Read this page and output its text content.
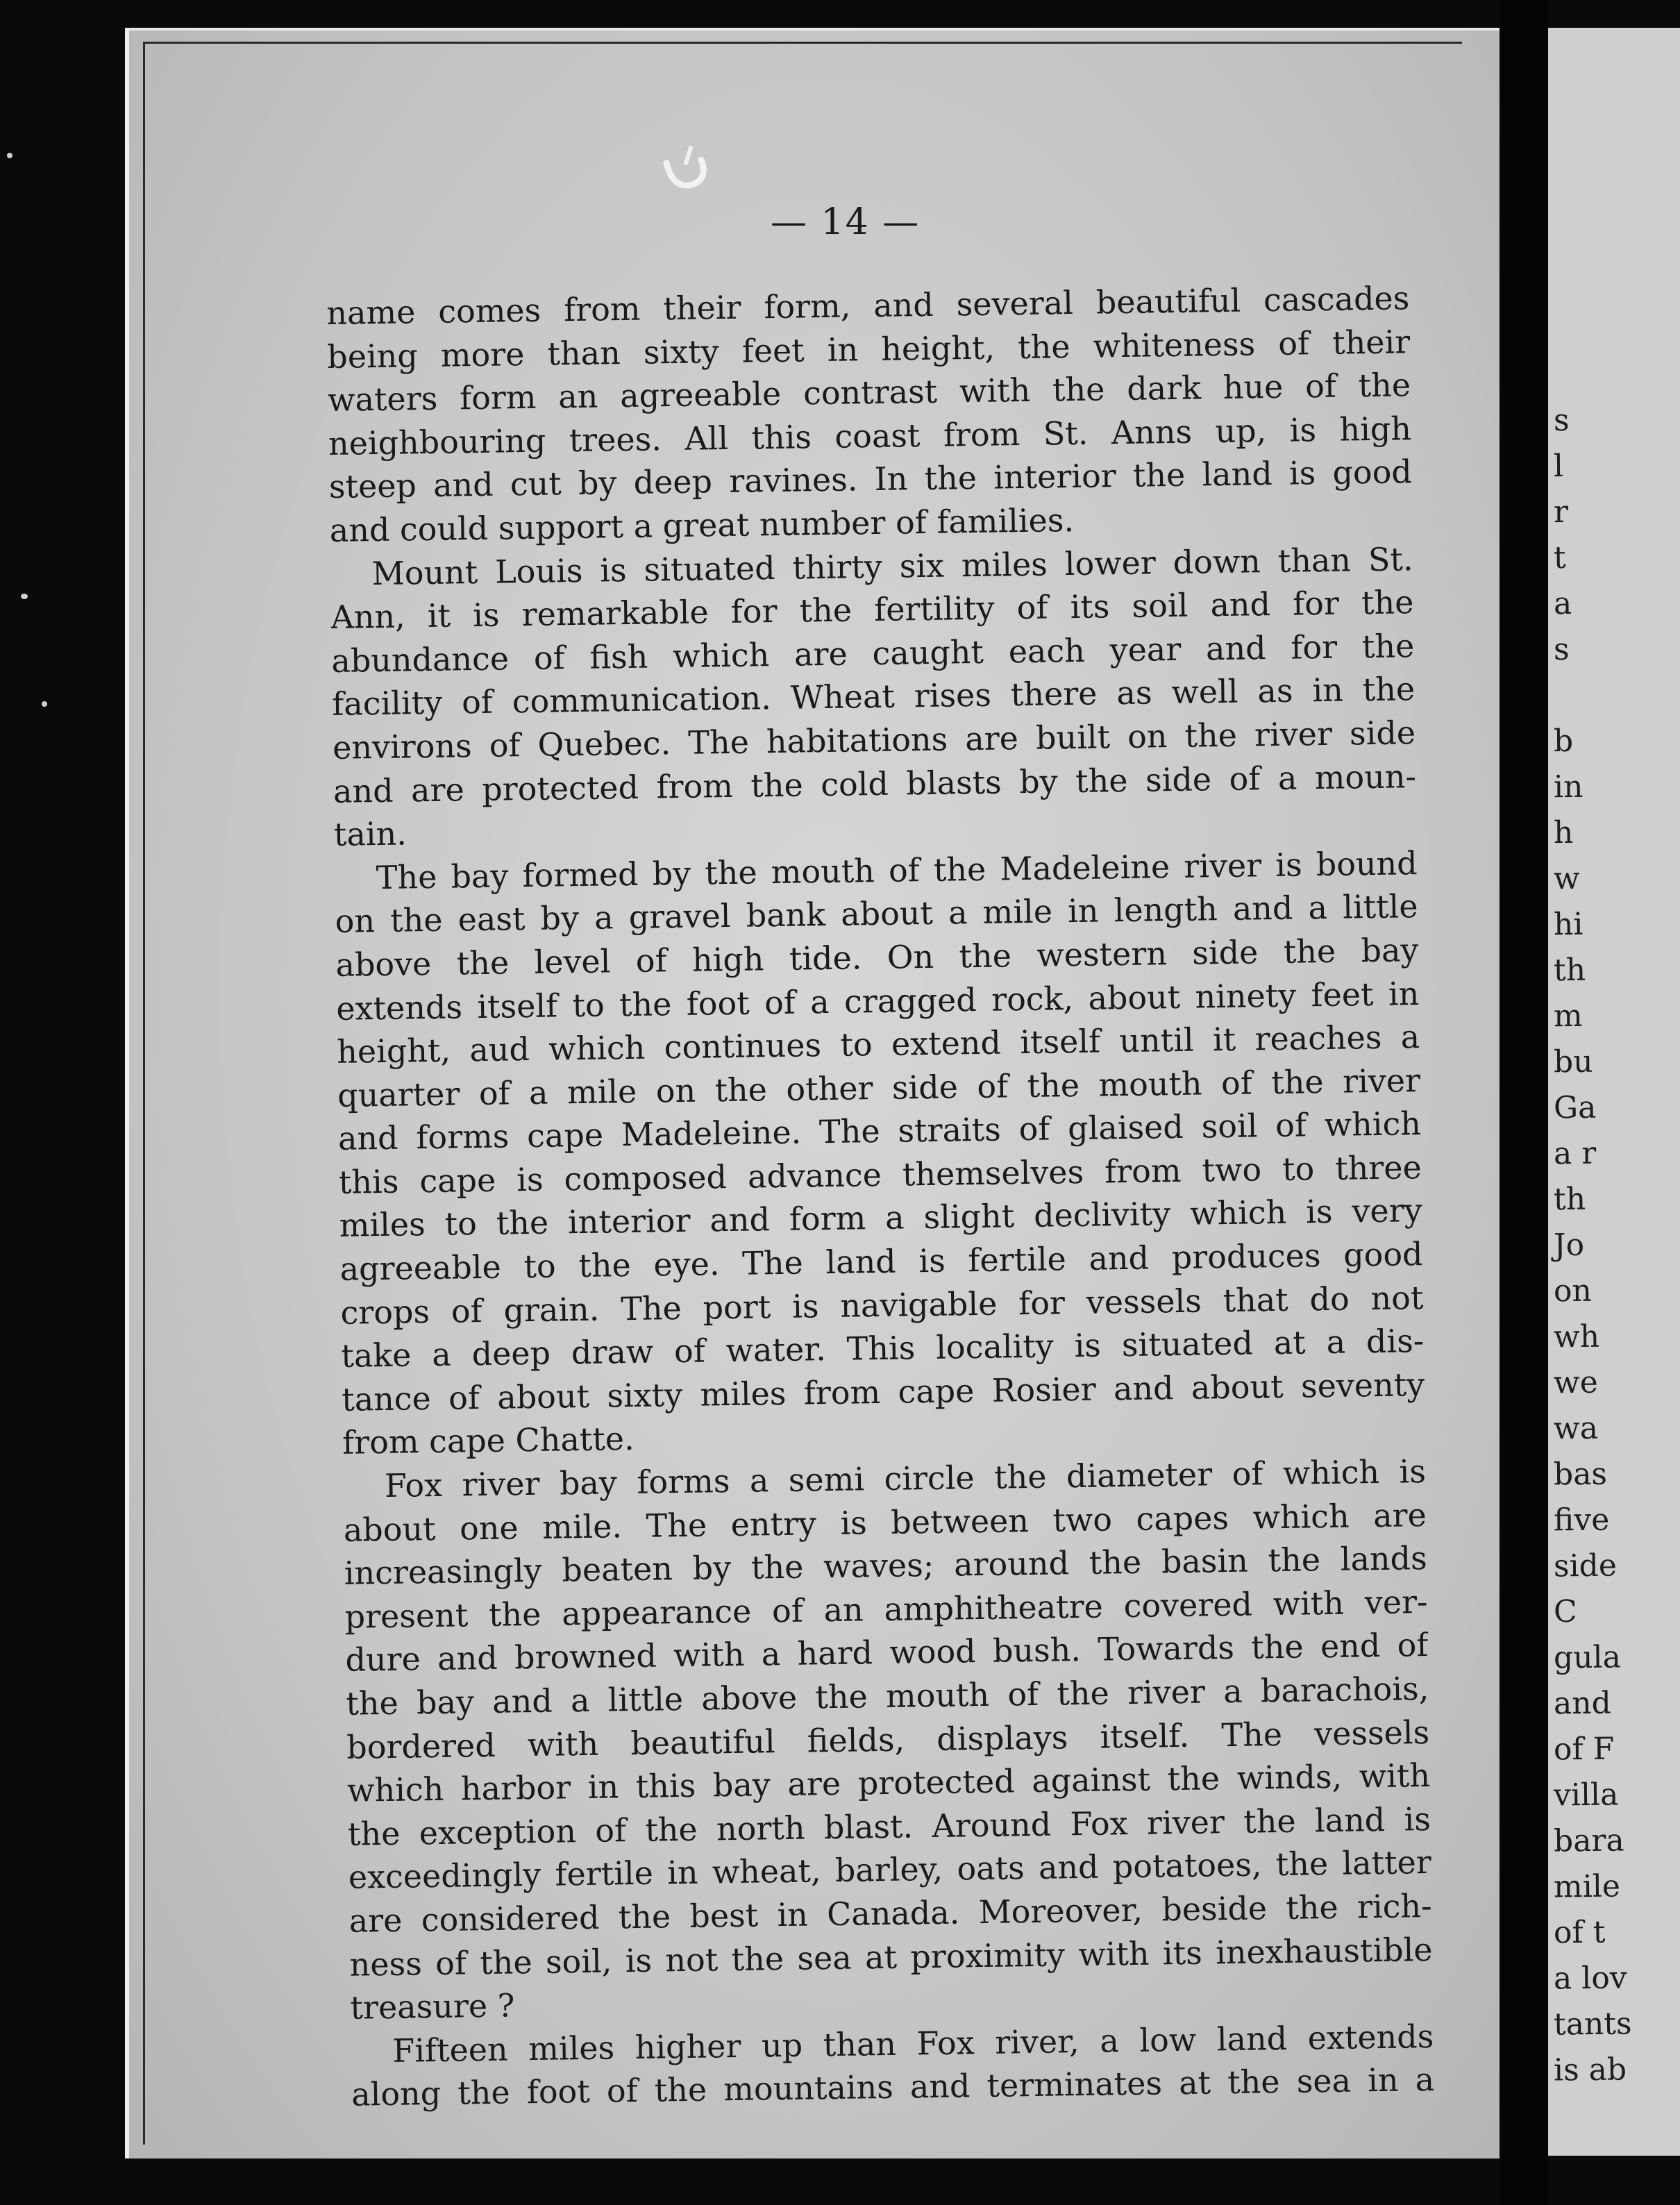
— 14 —
name comes from their form, and several beautiful cascades
being more than sixty feet in height, the whiteness of their
waters form an agreeable contrast with the dark hue of the
neighbouring trees. All this coast from St. Anns up, is high
steep and cut by deep ravines. In the interior the land is good
and could support a great number of families.
Mount Louis is situated thirty six miles lower down than St.
Ann, it is remarkable for the fertility of its soil and for the
abundance of fish which are caught each year and for the
facility of communication. Wheat rises there as well as in the
environs of Quebec. The habitations are built on the river side
and are protected from the cold blasts by the side of a moun-
tain.
The bay formed by the mouth of the Madeleine river is bound
on the east by a gravel bank about a mile in length and a little
above the level of high tide. On the western side the bay
extends itself to the foot of a cragged rock, about ninety feet in
height, aud which continues to extend itself until it reaches a
quarter of a mile on the other side of the mouth of the river
and forms cape Madeleine. The straits of glaised soil of which
this cape is composed advance themselves from two to three
miles to the interior and form a slight declivity which is very
agreeable to the eye. The land is fertile and produces good
crops of grain. The port is navigable for vessels that do not
take a deep draw of water. This locality is situated at a dis-
tance of about sixty miles from cape Rosier and about seventy
from cape Chatte.
Fox river bay forms a semi circle the diameter of which is
about one mile. The entry is between two capes which are
increasingly beaten by the waves; around the basin the lands
present the appearance of an amphitheatre covered with ver-
dure and browned with a hard wood bush. Towards the end of
the bay and a little above the mouth of the river a barachois,
bordered with beautiful fields, displays itself. The vessels
which harbor in this bay are protected against the winds, with
the exception of the north blast. Around Fox river the land is
exceedingly fertile in wheat, barley, oats and potatoes, the latter
are considered the best in Canada. Moreover, beside the rich-
ness of the soil, is not the sea at proximity with its inexhaustible
treasure ?
Fifteen miles higher up than Fox river, a low land extends
along the foot of the mountains and terminates at the sea in a
s
l
r
t
a
s
b
in
h
w
hi
th
m
bu
Ga
a r
th
Jo
on
wh
we
wa
bas
five
side
C
gula
and
of F
villa
bara
mile
of t
a lov
tants
is ab
